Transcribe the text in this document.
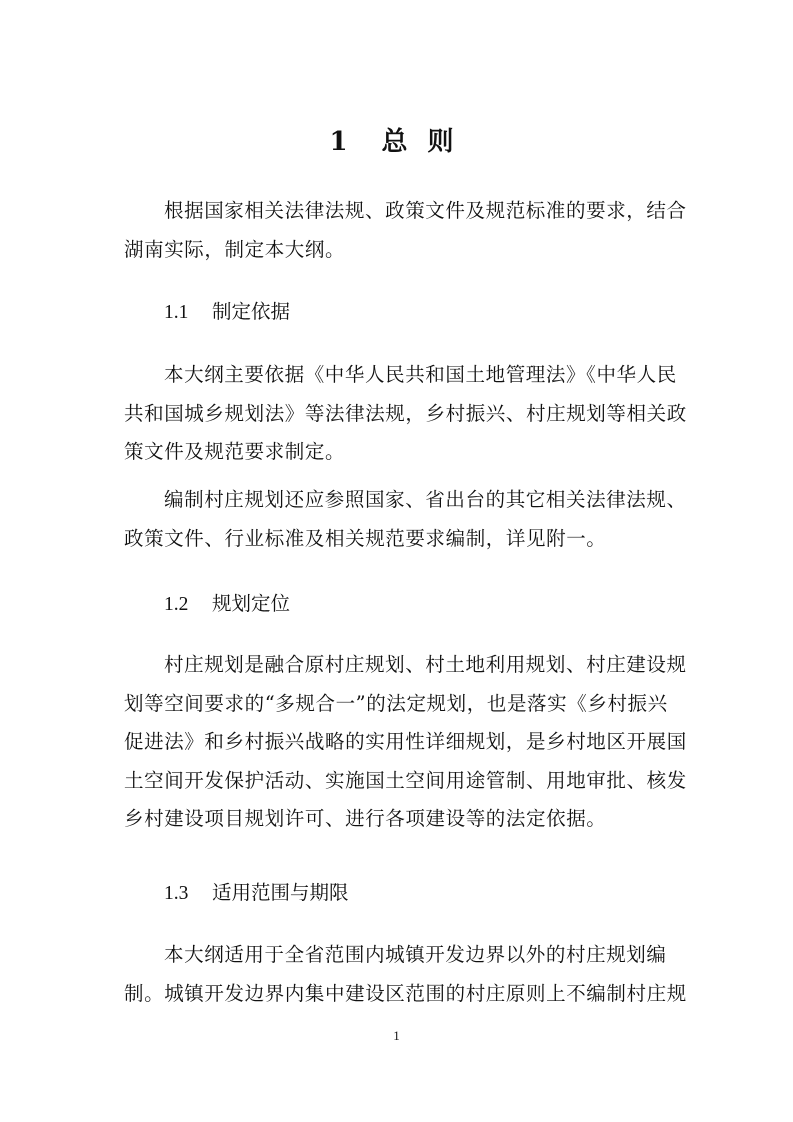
1 总 则

根据国家相关法律法规、政策文件及规范标准的要求，结合
湖南实际，制定本大纲。

1.1 制定依据

本大纲主要依据《中华人民共和国土地管理法》《中华人民
共和国城乡规划法》等法律法规，乡村振兴、村庄规划等相关政
策文件及规范要求制定。

编制村庄规划还应参照国家、省出台的其它相关法律法规、
政策文件、行业标准及相关规范要求编制，详见附一。

1.2 规划定位

村庄规划是融合原村庄规划、村土地利用规划、村庄建设规
划等空间要求的“多规合一”的法定规划，也是落实《乡村振兴
促进法》和乡村振兴战略的实用性详细规划，是乡村地区开展国
土空间开发保护活动、实施国土空间用途管制、用地审批、核发
乡村建设项目规划许可、进行各项建设等的法定依据。

1.3 适用范围与期限

本大纲适用于全省范围内城镇开发边界以外的村庄规划编
制。城镇开发边界内集中建设区范围的村庄原则上不编制村庄规

1
